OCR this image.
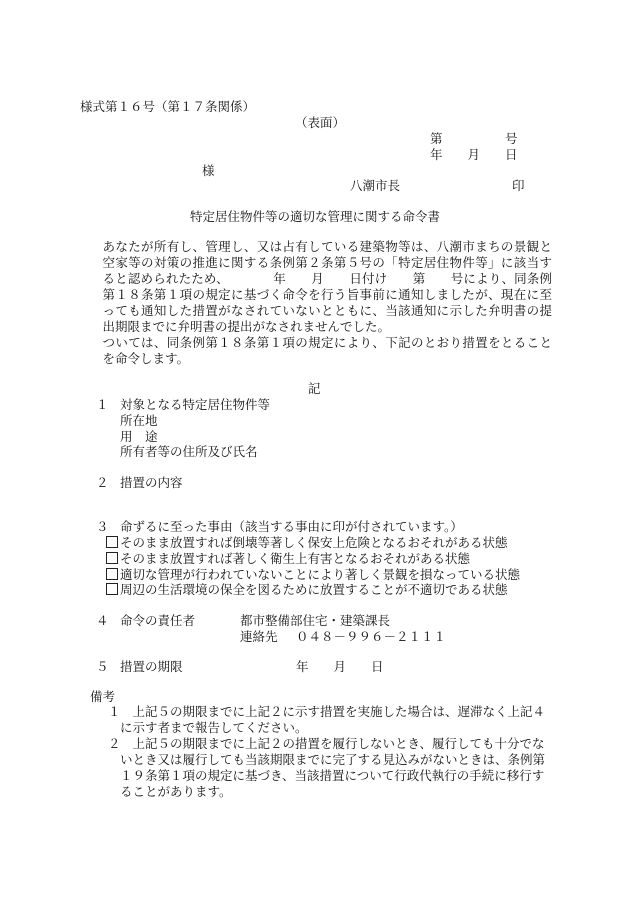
様式第１６号（第１７条関係）
（表面）
第　　　　　号
年　　月　　日
様
八潮市長	印
特定居住物件等の適切な管理に関する命令書
あなたが所有し、管理し、又は占有している建築物等は、八潮市まちの景観と空家等の対策の推進に関する条例第２条第５号の「特定居住物件等」に該当すると認められたため、　　　　年　　月　　日付け　　第　　号により、同条例第１８条第１項の規定に基づく命令を行う旨事前に通知しましたが、現在に至っても通知した措置がなされていないとともに、当該通知に示した弁明書の提出期限までに弁明書の提出がなされませんでした。
ついては、同条例第１８条第１項の規定により、下記のとおり措置をとることを命令します。
記
１ 対象となる特定居住物件等
所在地
用　途
所有者等の住所及び氏名
２ 措置の内容
３ 命ずるに至った事由（該当する事由に印が付されています。）
そのまま放置すれば倒壊等著しく保安上危険となるおそれがある状態
そのまま放置すれば著しく衛生上有害となるおそれがある状態
適切な管理が行われていないことにより著しく景観を損なっている状態
周辺の生活環境の保全を図るために放置することが不適切である状態
４ 命令の責任者	都市整備部住宅・建築課長
連絡先 ０４８－９９６－２１１１
５ 措置の期限	年　　月　　日
備考
１ 上記５の期限までに上記２に示す措置を実施した場合は、遅滞なく上記４に示す者まで報告してください。
２ 上記５の期限までに上記２の措置を履行しないとき、履行しても十分でないとき又は履行しても当該期限までに完了する見込みがないときは、条例第１９条第１項の規定に基づき、当該措置について行政代執行の手続に移行することがあります。
